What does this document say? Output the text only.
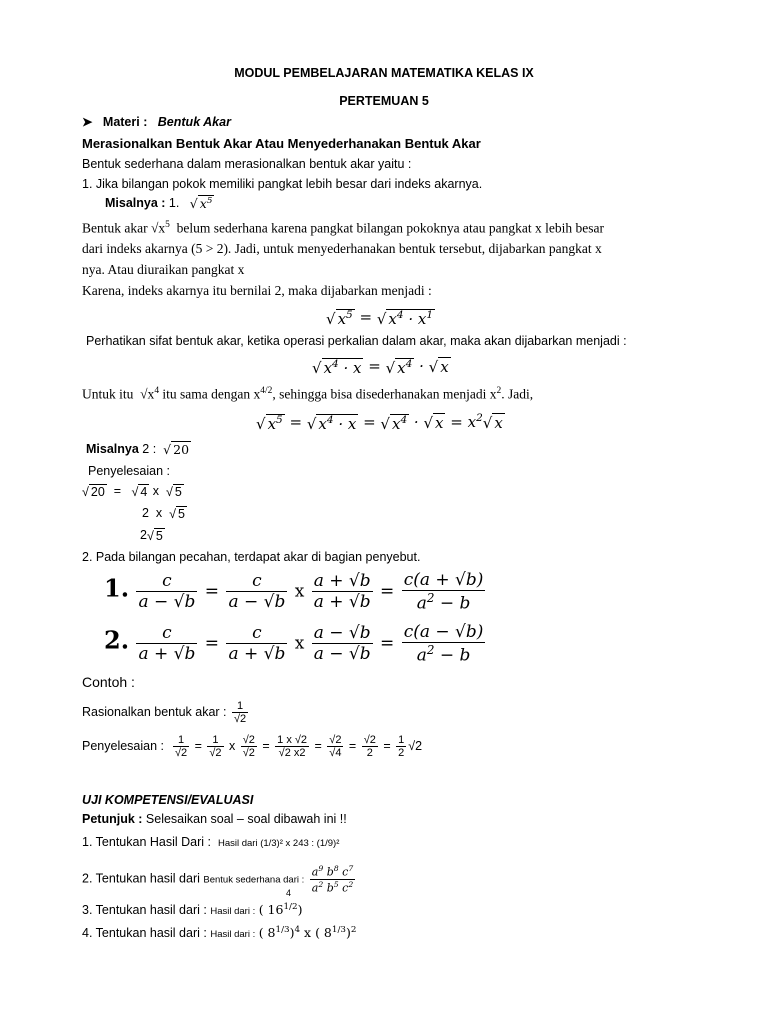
MODUL PEMBELAJARAN MATEMATIKA KELAS IX
PERTEMUAN 5
➤ Materi : Bentuk Akar
Merasionalkan Bentuk Akar Atau Menyederhanakan Bentuk Akar
Bentuk sederhana dalam merasionalkan bentuk akar yaitu :
1. Jika bilangan pokok memiliki pangkat lebih besar dari indeks akarnya.
Misalnya : 1. √ $x^5$
Bentuk akar $√x^5$ belum sederhana karena pangkat bilangan pokoknya atau pangkat x lebih besar
dari indeks akarnya (5 > 2). Jadi, untuk menyederhanakan bentuk tersebut, dijabarkan pangkat x
nya. Atau diuraikan pangkat x
Karena, indeks akarnya itu bernilai 2, maka dijabarkan menjadi :
√ $x^5$ = √ $x^4 \cdot x^1$
Perhatikan sifat bentuk akar, ketika operasi perkalian dalam akar, maka akan dijabarkan menjadi :
√ $x^4 \cdot x$ = √ $x^4$ · √ x
Untuk itu  $√x^4$ itu sama dengan $x^{4/2}$, sehingga bisa disederhanakan menjadi $x^2$. Jadi,
√ $x^5$ = √ $x^4 \cdot x$ = √ $x^4$ · √ $x = x^2√$ x
Misalnya 2 : √ 20
Penyelesaian :
√ 20  =   √ 4 x  √ 5
2  x  √ 5
2√ 5
2. Pada bilangan pecahan, terdapat akar di bagian penyebut.
1. $\frac{c}{a - √b} = \frac{c}{a - √b}$ x $\frac{a + √b}{a + √b} = \frac{c(a + √b)}{a^2 - b}$
2. $\frac{c}{a + √b} = \frac{c}{a + √b}$ x $\frac{a - √b}{a - √b} = \frac{c(a - √b)}{a^2 - b}$
Contoh :
Rasionalkan bentuk akar : $\frac{1}{√2}$
Penyelesaian : $\frac{1}{√2} = \frac{1}{√2}$ x $\frac{√2}{√2} = \frac{1 x √2}{√2 x2} = \frac{√2}{√4} = \frac{√2}{2} = \frac{1}{2} √2$
UJI KOMPETENSI/EVALUASI
Petunjuk : Selesaikan soal – soal dibawah ini !!
1. Tentukan Hasil Dari : Hasil dari (1/3)² x 243 : (1/9)²
2. Tentukan hasil dari Bentuk sederhana dari : $\frac{a^9 b^8 c^7}{a^2 b^5 c^2}$
4
3. Tentukan hasil dari : Hasil dari : ( $16^{1/2}$)
4. Tentukan hasil dari : Hasil dari : ( $8^{1/3})^4$ x ( $8^{1/3})^2$
